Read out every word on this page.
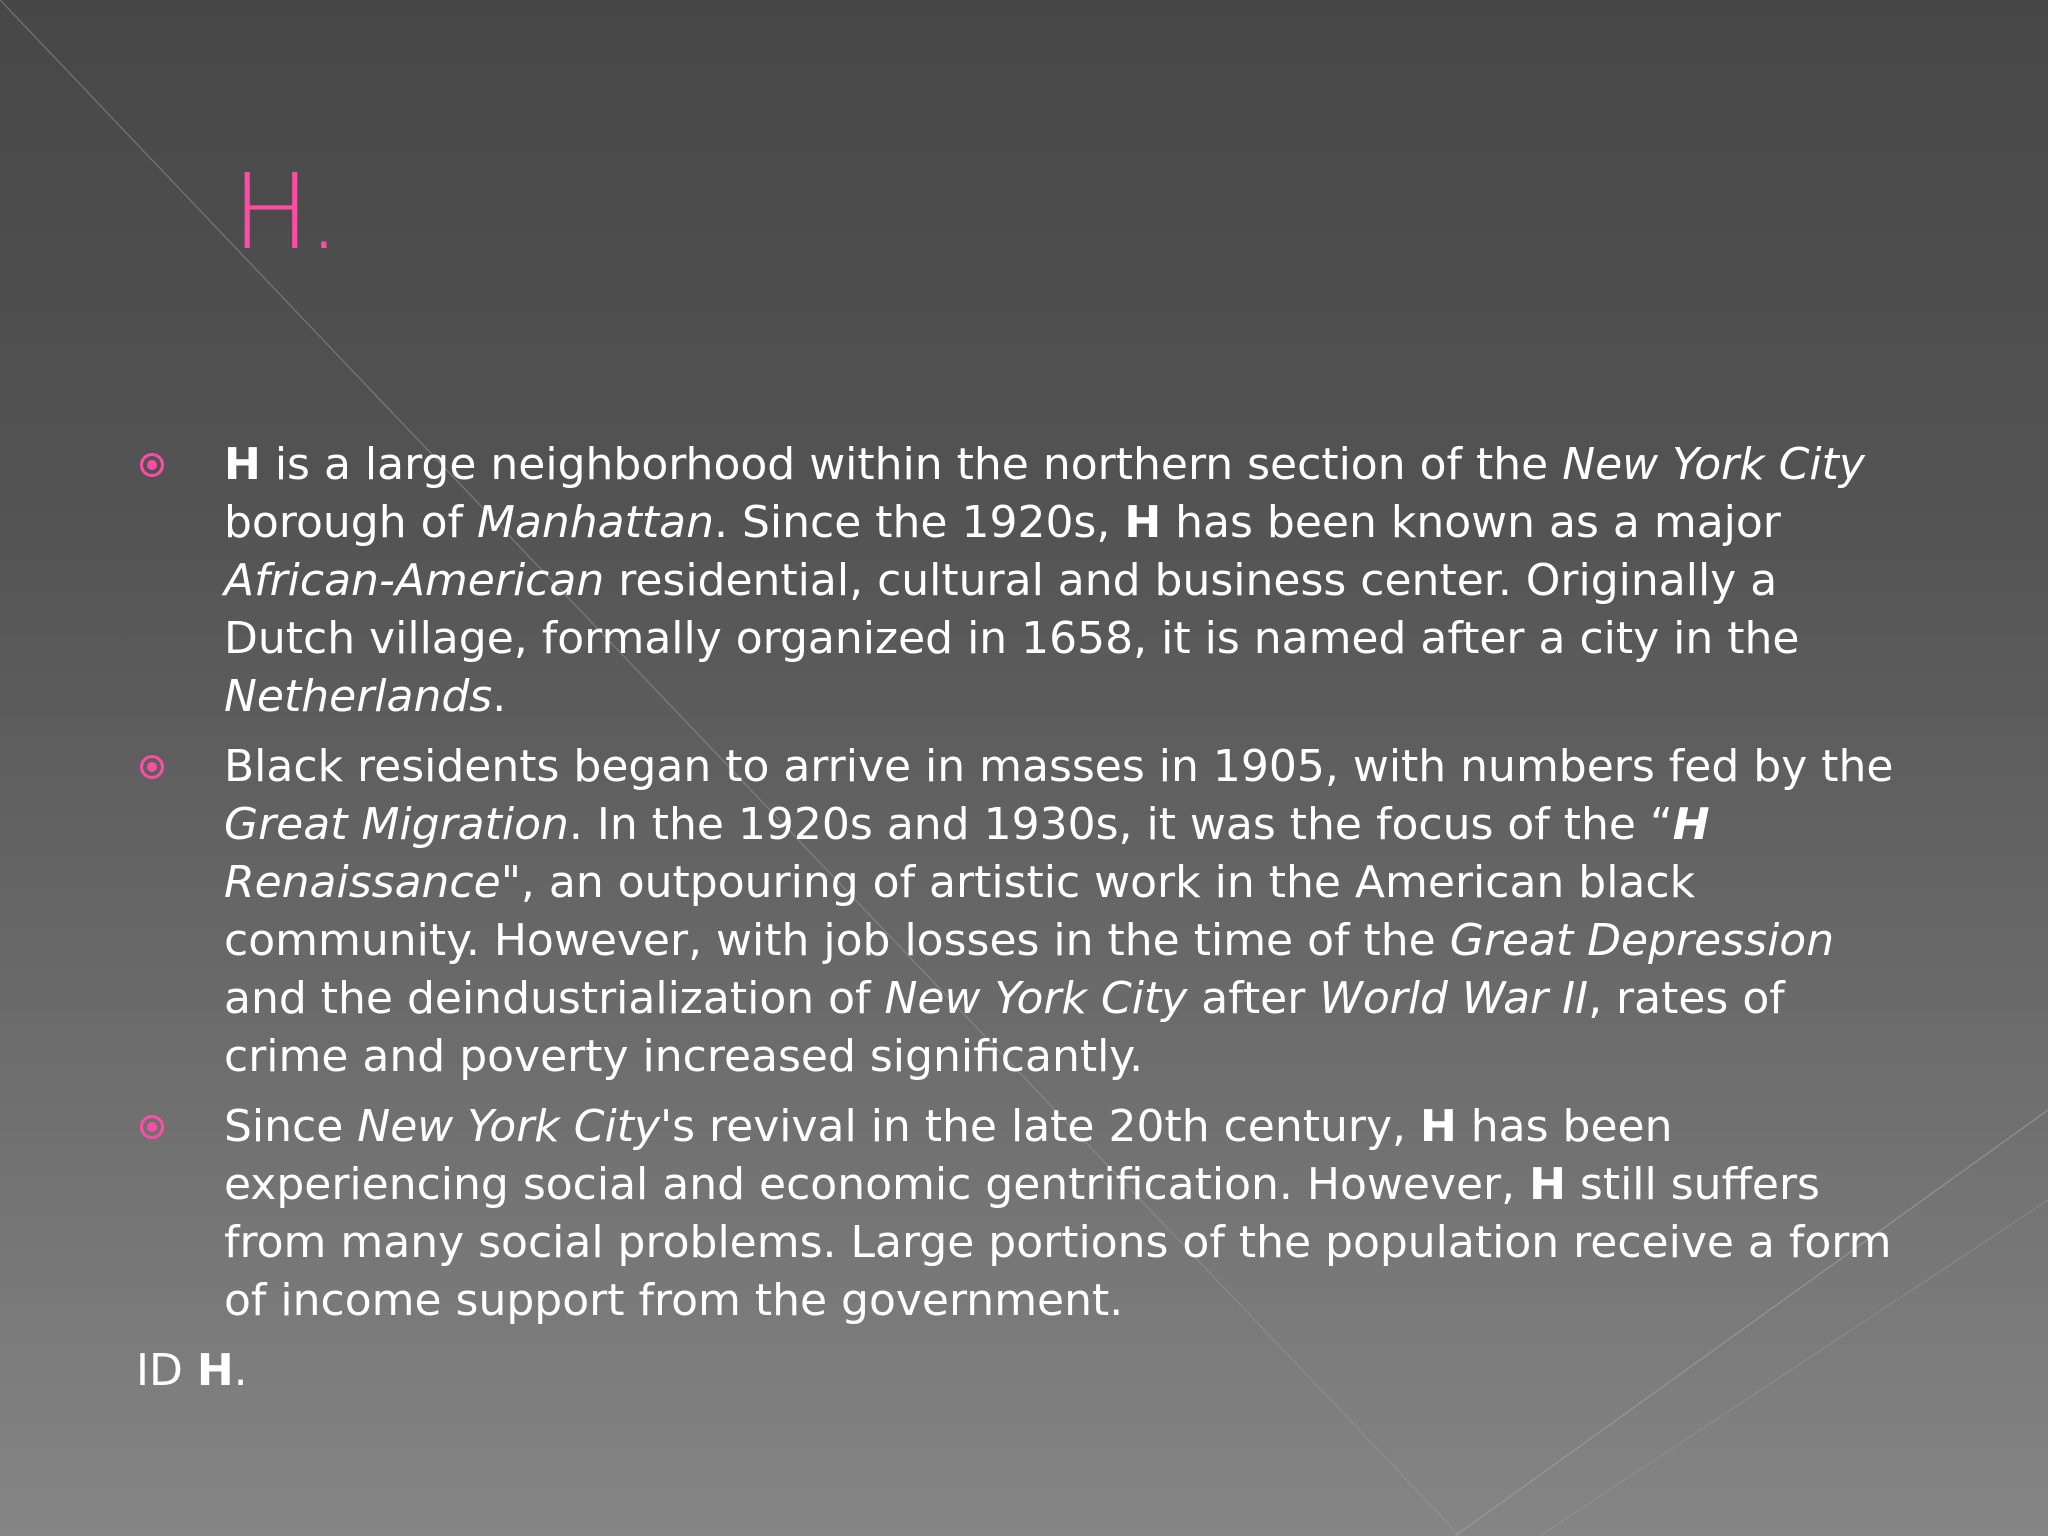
H.
H is a large neighborhood within the northern section of the New York City borough of Manhattan. Since the 1920s, H has been known as a major African-American residential, cultural and business center. Originally a Dutch village, formally organized in 1658, it is named after a city in the Netherlands.
Black residents began to arrive in masses in 1905, with numbers fed by the Great Migration. In the 1920s and 1930s, it was the focus of the “H Renaissance", an outpouring of artistic work in the American black community. However, with job losses in the time of the Great Depression and the deindustrialization of New York City after World War II, rates of crime and poverty increased significantly.
Since New York City's revival in the late 20th century, H has been experiencing social and economic gentrification. However, H still suffers from many social problems. Large portions of the population receive a form of income support from the government.
ID H.
